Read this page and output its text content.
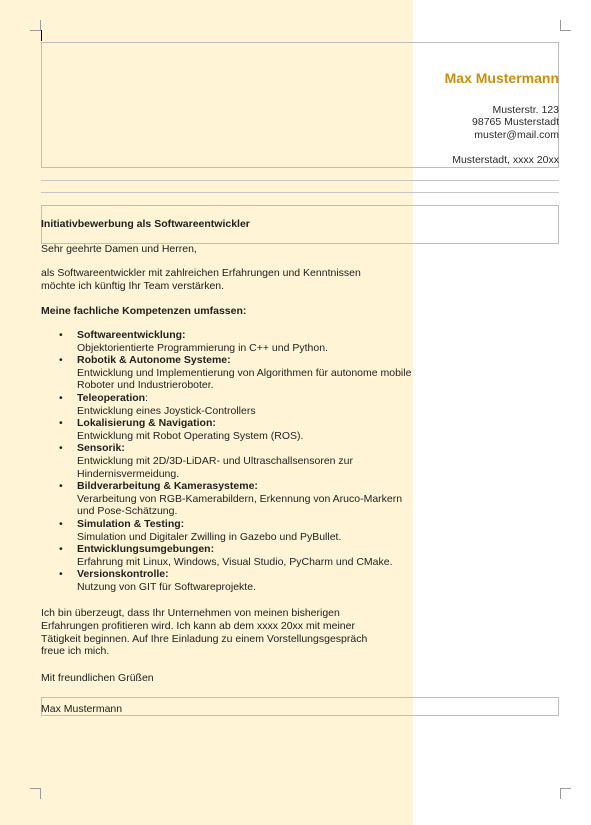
Max Mustermann
Musterstr. 123
98765 Musterstadt
muster@mail.com
Musterstadt, xxxx 20xx
Initiativbewerbung als Softwareentwickler
Sehr geehrte Damen und Herren,
als Softwareentwickler mit zahlreichen Erfahrungen und Kenntnissen möchte ich künftig Ihr Team verstärken.
Meine fachliche Kompetenzen umfassen:
• Softwareentwicklung:
Objektorientierte Programmierung in C++ und Python.
• Robotik & Autonome Systeme:
Entwicklung und Implementierung von Algorithmen für autonome mobile Roboter und Industrieroboter.
• Teleoperation:
Entwicklung eines Joystick-Controllers
• Lokalisierung & Navigation:
Entwicklung mit Robot Operating System (ROS).
• Sensorik:
Entwicklung mit 2D/3D-LiDAR- und Ultraschallsensoren zur Hindernisvermeidung.
• Bildverarbeitung & Kamerasysteme:
Verarbeitung von RGB-Kamerabildern, Erkennung von Aruco-Markern und Pose-Schätzung.
• Simulation & Testing:
Simulation und Digitaler Zwilling in Gazebo und PyBullet.
• Entwicklungsumgebungen:
Erfahrung mit Linux, Windows, Visual Studio, PyCharm und CMake.
• Versionskontrolle:
Nutzung von GIT für Softwareprojekte.
Ich bin überzeugt, dass Ihr Unternehmen von meinen bisherigen Erfahrungen profitieren wird. Ich kann ab dem xxxx 20xx mit meiner Tätigkeit beginnen. Auf Ihre Einladung zu einem Vorstellungsgespräch freue ich mich.
Mit freundlichen Grüßen
Max Mustermann
